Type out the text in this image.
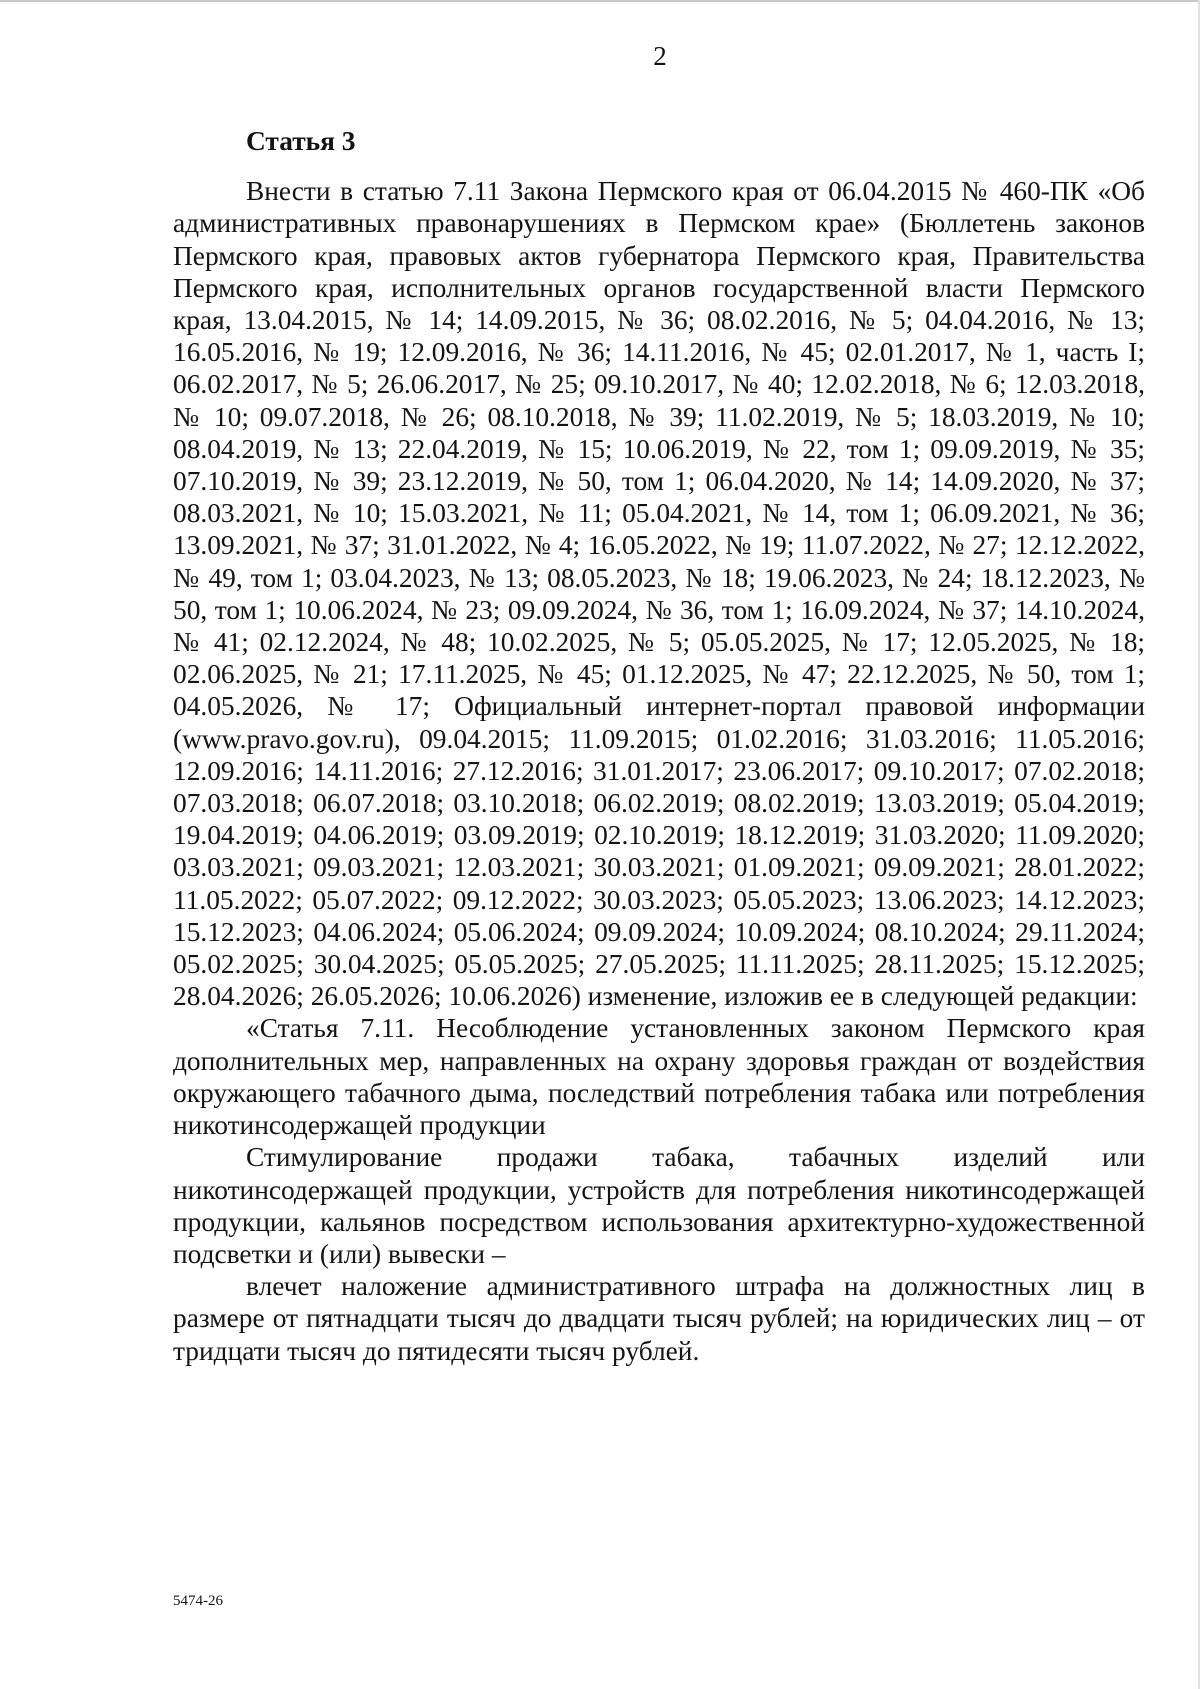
2
Статья 3

Внести в статью 7.11 Закона Пермского края от 06.04.2015 № 460-ПК «Об административных правонарушениях в Пермском крае» (Бюллетень законов Пермского края, правовых актов губернатора Пермского края, Правительства Пермского края, исполнительных органов государственной власти Пермского края, 13.04.2015, № 14; 14.09.2015, № 36; 08.02.2016, № 5; 04.04.2016, № 13; 16.05.2016, № 19; 12.09.2016, № 36; 14.11.2016, № 45; 02.01.2017, № 1, часть I; 06.02.2017, № 5; 26.06.2017, № 25; 09.10.2017, № 40; 12.02.2018, № 6; 12.03.2018, № 10; 09.07.2018, № 26; 08.10.2018, № 39; 11.02.2019, № 5; 18.03.2019, № 10; 08.04.2019, № 13; 22.04.2019, № 15; 10.06.2019, № 22, том 1; 09.09.2019, № 35; 07.10.2019, № 39; 23.12.2019, № 50, том 1; 06.04.2020, № 14; 14.09.2020, № 37; 08.03.2021, № 10; 15.03.2021, № 11; 05.04.2021, № 14, том 1; 06.09.2021, № 36; 13.09.2021, № 37; 31.01.2022, № 4; 16.05.2022, № 19; 11.07.2022, № 27; 12.12.2022, № 49, том 1; 03.04.2023, № 13; 08.05.2023, № 18; 19.06.2023, № 24; 18.12.2023, № 50, том 1; 10.06.2024, № 23; 09.09.2024, № 36, том 1; 16.09.2024, № 37; 14.10.2024, № 41; 02.12.2024, № 48; 10.02.2025, № 5; 05.05.2025, № 17; 12.05.2025, № 18; 02.06.2025, № 21; 17.11.2025, № 45; 01.12.2025, № 47; 22.12.2025, № 50, том 1; 04.05.2026, № 17; Официальный интернет-портал правовой информации (www.pravo.gov.ru), 09.04.2015; 11.09.2015; 01.02.2016; 31.03.2016; 11.05.2016; 12.09.2016; 14.11.2016; 27.12.2016; 31.01.2017; 23.06.2017; 09.10.2017; 07.02.2018; 07.03.2018; 06.07.2018; 03.10.2018; 06.02.2019; 08.02.2019; 13.03.2019; 05.04.2019; 19.04.2019; 04.06.2019; 03.09.2019; 02.10.2019; 18.12.2019; 31.03.2020; 11.09.2020; 03.03.2021; 09.03.2021; 12.03.2021; 30.03.2021; 01.09.2021; 09.09.2021; 28.01.2022; 11.05.2022; 05.07.2022; 09.12.2022; 30.03.2023; 05.05.2023; 13.06.2023; 14.12.2023; 15.12.2023; 04.06.2024; 05.06.2024; 09.09.2024; 10.09.2024; 08.10.2024; 29.11.2024; 05.02.2025; 30.04.2025; 05.05.2025; 27.05.2025; 11.11.2025; 28.11.2025; 15.12.2025; 28.04.2026; 26.05.2026; 10.06.2026) изменение, изложив ее в следующей редакции:

«Статья 7.11. Несоблюдение установленных законом Пермского края дополнительных мер, направленных на охрану здоровья граждан от воздействия окружающего табачного дыма, последствий потребления табака или потребления никотинсодержащей продукции

Стимулирование продажи табака, табачных изделий или никотинсодержащей продукции, устройств для потребления никотинсодержащей продукции, кальянов посредством использования архитектурно-художественной подсветки и (или) вывески –

влечет наложение административного штрафа на должностных лиц в размере от пятнадцати тысяч до двадцати тысяч рублей; на юридических лиц – от тридцати тысяч до пятидесяти тысяч рублей.

5474-26
